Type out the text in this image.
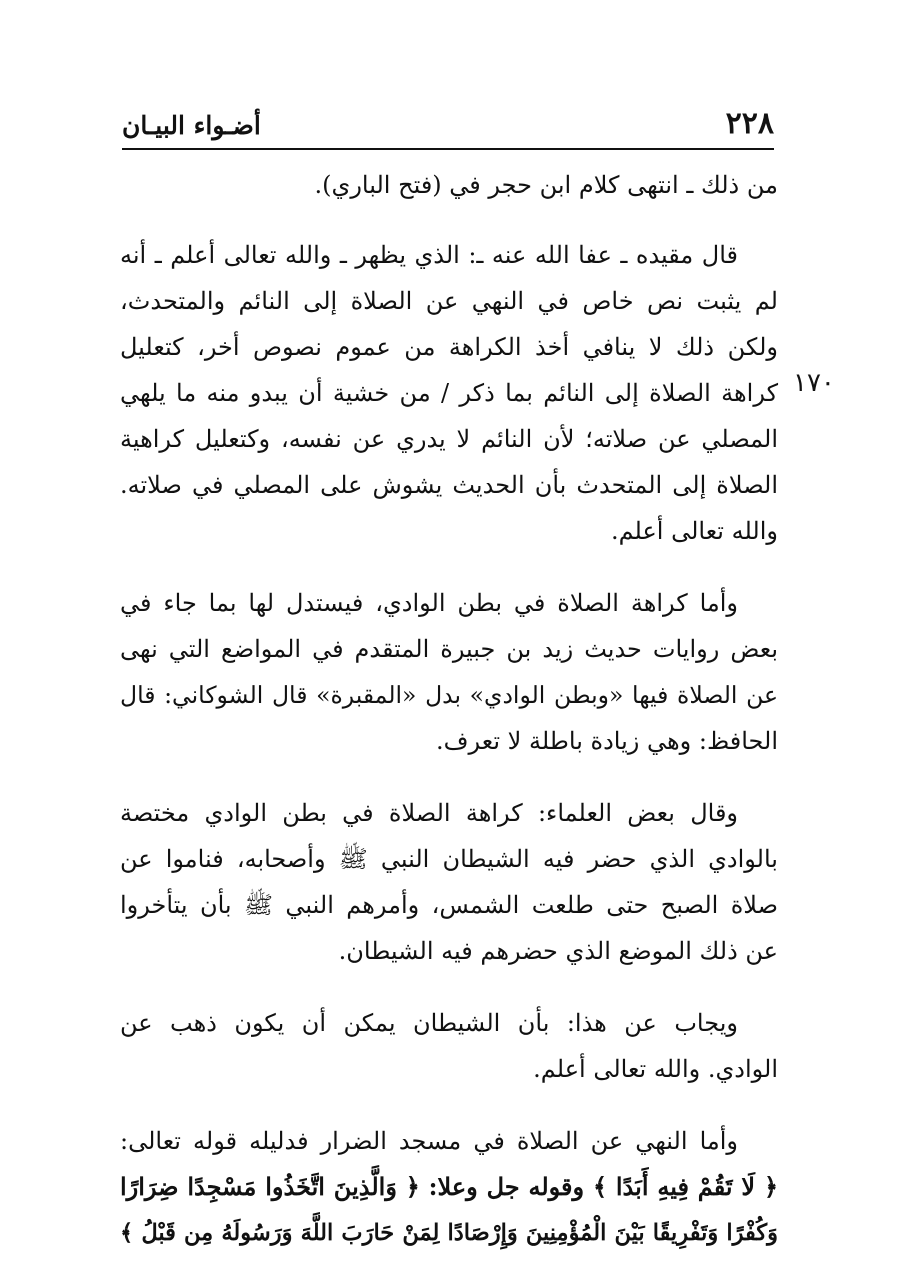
٢٢٨
أضـواء البيـان
١٧٠

من ذلك ـ انتهى كلام ابن حجر في (فتح الباري).

قال مقيده ـ عفا الله عنه ـ: الذي يظهر ـ والله تعالى أعلم ـ أنه
لم يثبت نص خاص في النهي عن الصلاة إلى النائم والمتحدث،
ولكن ذلك لا ينافي أخذ الكراهة من عموم نصوص أخر، كتعليل
كراهة الصلاة إلى النائم بما ذكر / من خشية أن يبدو منه ما يلهي
المصلي عن صلاته؛ لأن النائم لا يدري عن نفسه، وكتعليل كراهية
الصلاة إلى المتحدث بأن الحديث يشوش على المصلي في صلاته.
والله تعالى أعلم.

وأما كراهة الصلاة في بطن الوادي، فيستدل لها بما جاء في
بعض روايات حديث زيد بن جبيرة المتقدم في المواضع التي نهى
عن الصلاة فيها «وبطن الوادي» بدل «المقبرة» قال الشوكاني: قال
الحافظ: وهي زيادة باطلة لا تعرف.

وقال بعض العلماء: كراهة الصلاة في بطن الوادي مختصة
بالوادي الذي حضر فيه الشيطان النبي ﷺ وأصحابه، فناموا عن
صلاة الصبح حتى طلعت الشمس، وأمرهم النبي ﷺ بأن يتأخروا
عن ذلك الموضع الذي حضرهم فيه الشيطان.

ويجاب عن هذا: بأن الشيطان يمكن أن يكون ذهب عن
الوادي. والله تعالى أعلم.

وأما النهي عن الصلاة في مسجد الضرار فدليله قوله تعالى:
﴿ لَا تَقُمْ فِيهِ أَبَدًا ﴾ وقوله جل وعلا: ﴿ وَالَّذِينَ اتَّخَذُوا مَسْجِدًا ضِرَارًا
وَكُفْرًا وَتَفْرِيقًا بَيْنَ الْمُؤْمِنِينَ وَإِرْصَادًا لِمَنْ حَارَبَ اللَّهَ وَرَسُولَهُ مِن قَبْلُ ﴾
